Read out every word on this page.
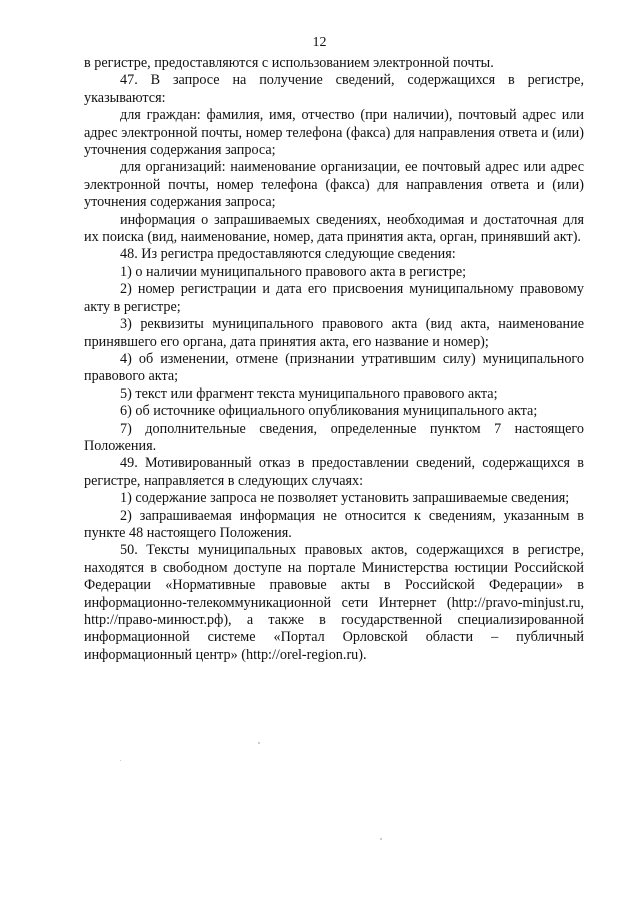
12

в регистре, предоставляются с использованием электронной почты.

47. В запросе на получение сведений, содержащихся в регистре, указываются:

для граждан: фамилия, имя, отчество (при наличии), почтовый адрес или адрес электронной почты, номер телефона (факса) для направления ответа и (или) уточнения содержания запроса;

для организаций: наименование организации, ее почтовый адрес или адрес электронной почты, номер телефона (факса) для направления ответа и (или) уточнения содержания запроса;

информация о запрашиваемых сведениях, необходимая и достаточная для их поиска (вид, наименование, номер, дата принятия акта, орган, принявший акт).

48. Из регистра предоставляются следующие сведения:

1) о наличии муниципального правового акта в регистре;

2) номер регистрации и дата его присвоения муниципальному правовому акту в регистре;

3) реквизиты муниципального правового акта (вид акта, наименование принявшего его органа, дата принятия акта, его название и номер);

4) об изменении, отмене (признании утратившим силу) муниципального правового акта;

5) текст или фрагмент текста муниципального правового акта;

6) об источнике официального опубликования муниципального акта;

7) дополнительные сведения, определенные пунктом 7 настоящего Положения.

49. Мотивированный отказ в предоставлении сведений, содержащихся в регистре, направляется в следующих случаях:

1) содержание запроса не позволяет установить запрашиваемые сведения;

2) запрашиваемая информация не относится к сведениям, указанным в пункте 48 настоящего Положения.

50. Тексты муниципальных правовых актов, содержащихся в регистре, находятся в свободном доступе на портале Министерства юстиции Российской Федерации «Нормативные правовые акты в Российской Федерации» в информационно-телекоммуникационной сети Интернет (http://pravo-minjust.ru, http://право-минюст.рф), а также в государственной специализированной информационной системе «Портал Орловской области – публичный информационный центр» (http://orel-region.ru).
